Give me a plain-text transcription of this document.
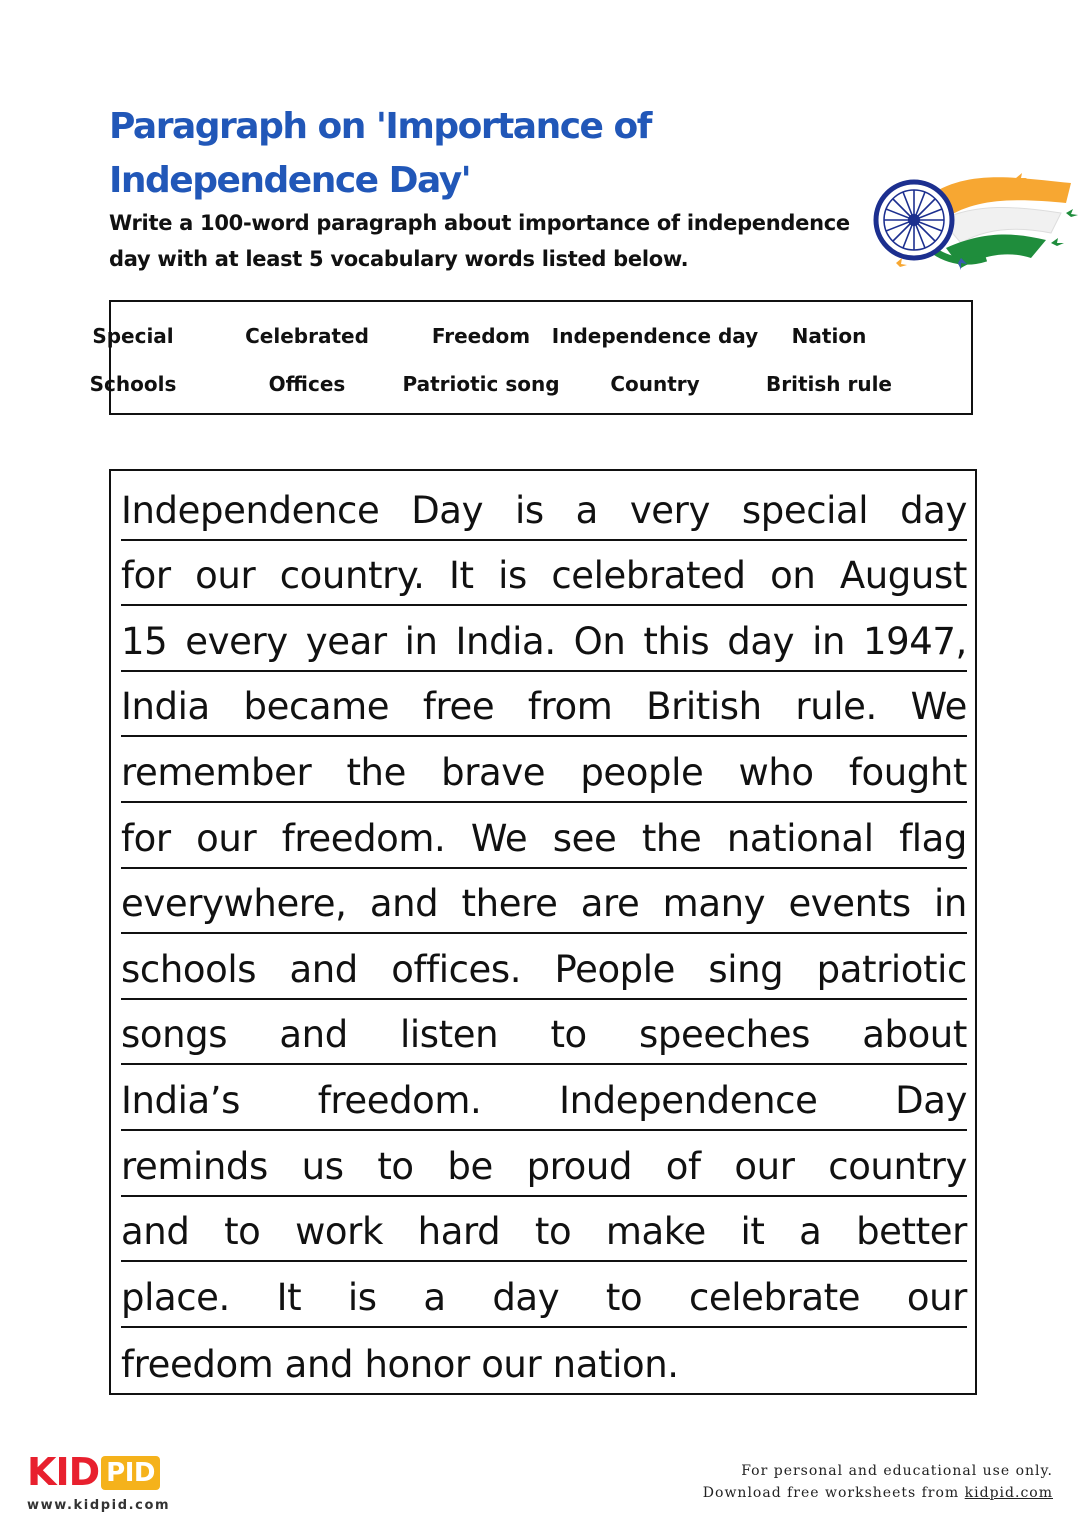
Paragraph on 'Importance of Independence Day'

Write a 100-word paragraph about importance of independence day with at least 5 vocabulary words listed below.

Special	Celebrated	Freedom	Independence day	Nation
Schools	Offices	Patriotic song	Country	British rule
Independence Day is a very special day
for our country. It is celebrated on August
15 every year in India. On this day in 1947,
India became free from British rule. We
remember the brave people who fought
for our freedom. We see the national flag
everywhere, and there are many events in
schools and offices. People sing patriotic
songs and listen to speeches about
India’s freedom. Independence Day
reminds us to be proud of our country
and to work hard to make it a better
place. It is a day to celebrate our
freedom and honor our nation.
KID PID
www.kidpid.com
For personal and educational use only.
Download free worksheets from kidpid.com
